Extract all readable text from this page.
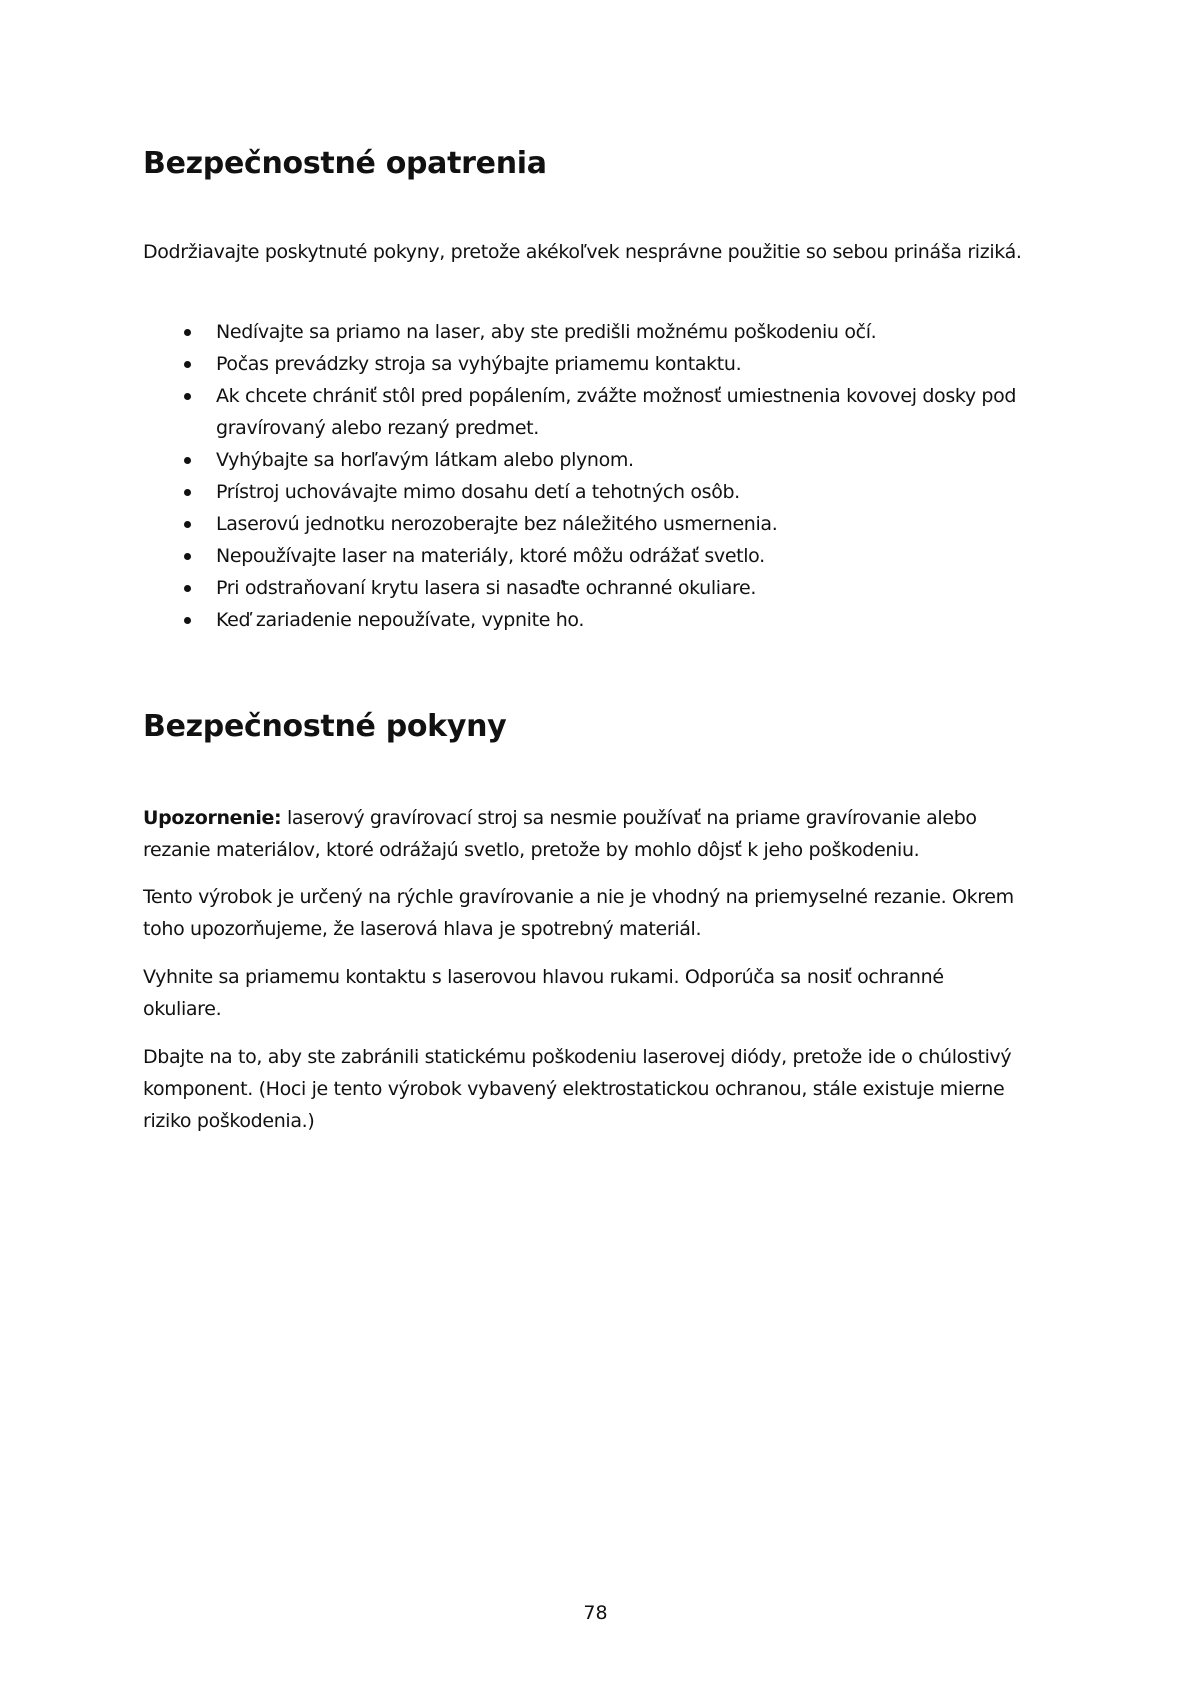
Bezpečnostné opatrenia

Dodržiavajte poskytnuté pokyny, pretože akékoľvek nesprávne použitie so sebou prináša riziká.

Nedívajte sa priamo na laser, aby ste predišli možnému poškodeniu očí.
Počas prevádzky stroja sa vyhýbajte priamemu kontaktu.
Ak chcete chrániť stôl pred popálením, zvážte možnosť umiestnenia kovovej dosky pod gravírovaný alebo rezaný predmet.
Vyhýbajte sa horľavým látkam alebo plynom.
Prístroj uchovávajte mimo dosahu detí a tehotných osôb.
Laserovú jednotku nerozoberajte bez náležitého usmernenia.
Nepoužívajte laser na materiály, ktoré môžu odrážať svetlo.
Pri odstraňovaní krytu lasera si nasaďte ochranné okuliare.
Keď zariadenie nepoužívate, vypnite ho.
Bezpečnostné pokyny

Upozornenie: laserový gravírovací stroj sa nesmie používať na priame gravírovanie alebo rezanie materiálov, ktoré odrážajú svetlo, pretože by mohlo dôjsť k jeho poškodeniu.

Tento výrobok je určený na rýchle gravírovanie a nie je vhodný na priemyselné rezanie. Okrem toho upozorňujeme, že laserová hlava je spotrebný materiál.

Vyhnite sa priamemu kontaktu s laserovou hlavou rukami. Odporúča sa nosiť ochranné okuliare.

Dbajte na to, aby ste zabránili statickému poškodeniu laserovej diódy, pretože ide o chúlostivý komponent. (Hoci je tento výrobok vybavený elektrostatickou ochranou, stále existuje mierne riziko poškodenia.)

78
